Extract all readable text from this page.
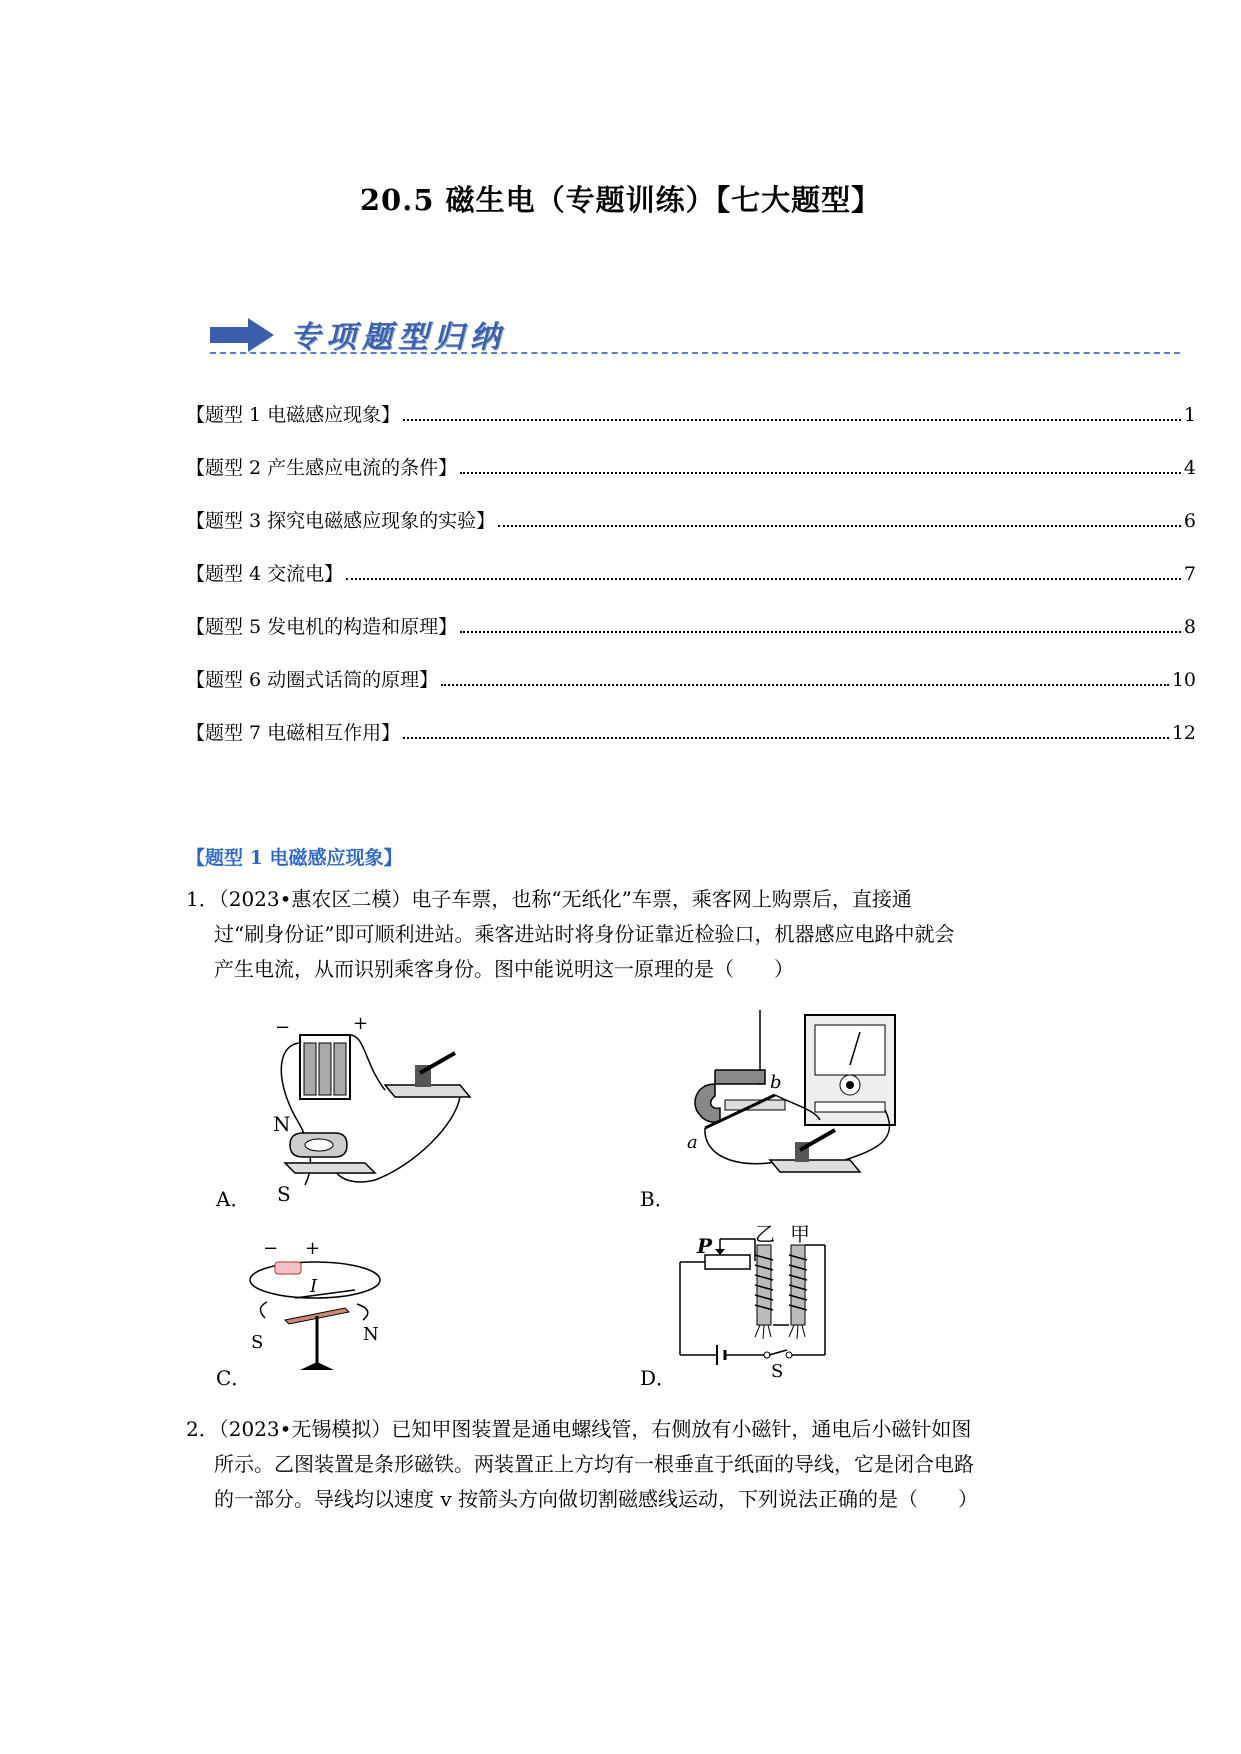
20.5 磁生电（专题训练）【七大题型】
专项题型归纳
【题型 1 电磁感应现象】	1
【题型 2 产生感应电流的条件】	4
【题型 3 探究电磁感应现象的实验】	6
【题型 4 交流电】	7
【题型 5 发电机的构造和原理】	8
【题型 6 动圈式话筒的原理】	10
【题型 7 电磁相互作用】	12
【题型 1 电磁感应现象】
1．（2023•惠农区二模）电子车票，也称“无纸化”车票，乘客网上购票后，直接通
过“刷身份证”即可顺利进站。乘客进站时将身份证靠近检验口，机器感应电路中就会
产生电流，从而识别乘客身份。图中能说明这一原理的是（　　）
−	+
N
S
A．
a
b
B．
− +
I
S	N
C．
P 乙 甲
S
D．
2．（2023•无锡模拟）已知甲图装置是通电螺线管，右侧放有小磁针，通电后小磁针如图
所示。乙图装置是条形磁铁。两装置正上方均有一根垂直于纸面的导线，它是闭合电路
的一部分。导线均以速度 v 按箭头方向做切割磁感线运动，下列说法正确的是（　　）
